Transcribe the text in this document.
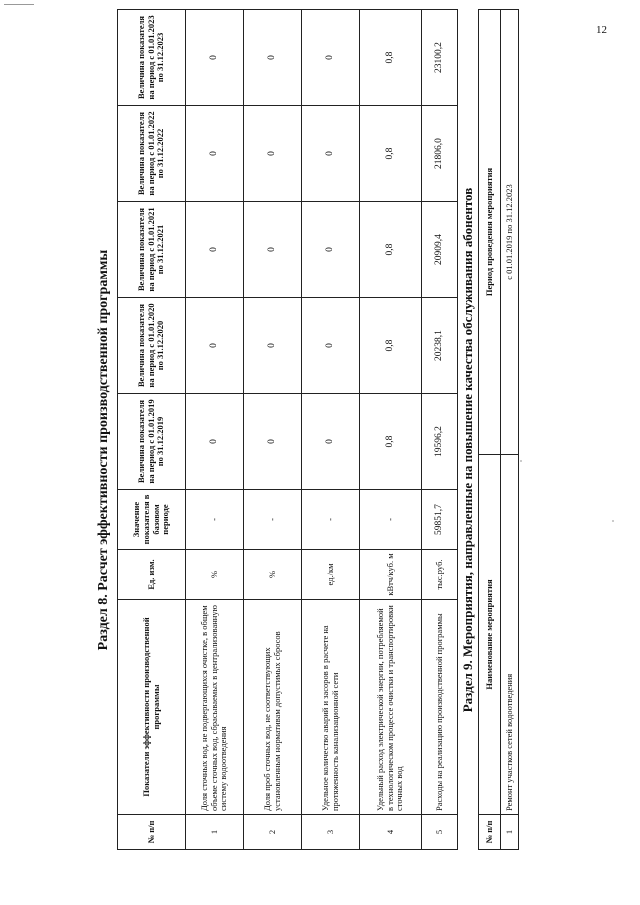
12
Раздел 8. Расчет эффективности производственной программы
№ п/п	Показатели эффективности производственной программы	Ед. изм.	Значение показателя в базовом периоде	Величина показателя на период с 01.01.2019 по 31.12.2019	Величина показателя на период с 01.01.2020 по 31.12.2020	Величина показателя на период с 01.01.2021 по 31.12.2021	Величина показателя на период с 01.01.2022 по 31.12.2022	Величина показателя на период с 01.01.2023 по 31.12.2023
1	Доля сточных вод, не подвергающихся очистке, в общем объеме сточных вод, сбрасываемых в централизованную систему водоотведения	%	-	0	0	0	0	0
2	Доля проб сточных вод, не соответствующих установленным нормативам допустимых сбросов	%	-	0	0	0	0	0
3	Удельное количество аварий и засоров в расчете на протяженность канализационной сети	ед./км	-	0	0	0	0	0
4	Удельный расход электрической энергии, потребляемой в технологическом процессе очистки и транспортировки сточных вод	кВтч/куб. м	-	0,8	0,8	0,8	0,8	0,8
5	Расходы на реализацию производственной программы	тыс.руб.	59851,7	19596,2	20238,1	20909,4	21806,0	23100,2
Раздел 9. Мероприятия, направленные на повышение качества обслуживания абонентов
№ п/п	Наименование мероприятия	Период проведения мероприятия
1	Ремонт участков сетей водоотведения	с 01.01.2019 по 31.12.2023
